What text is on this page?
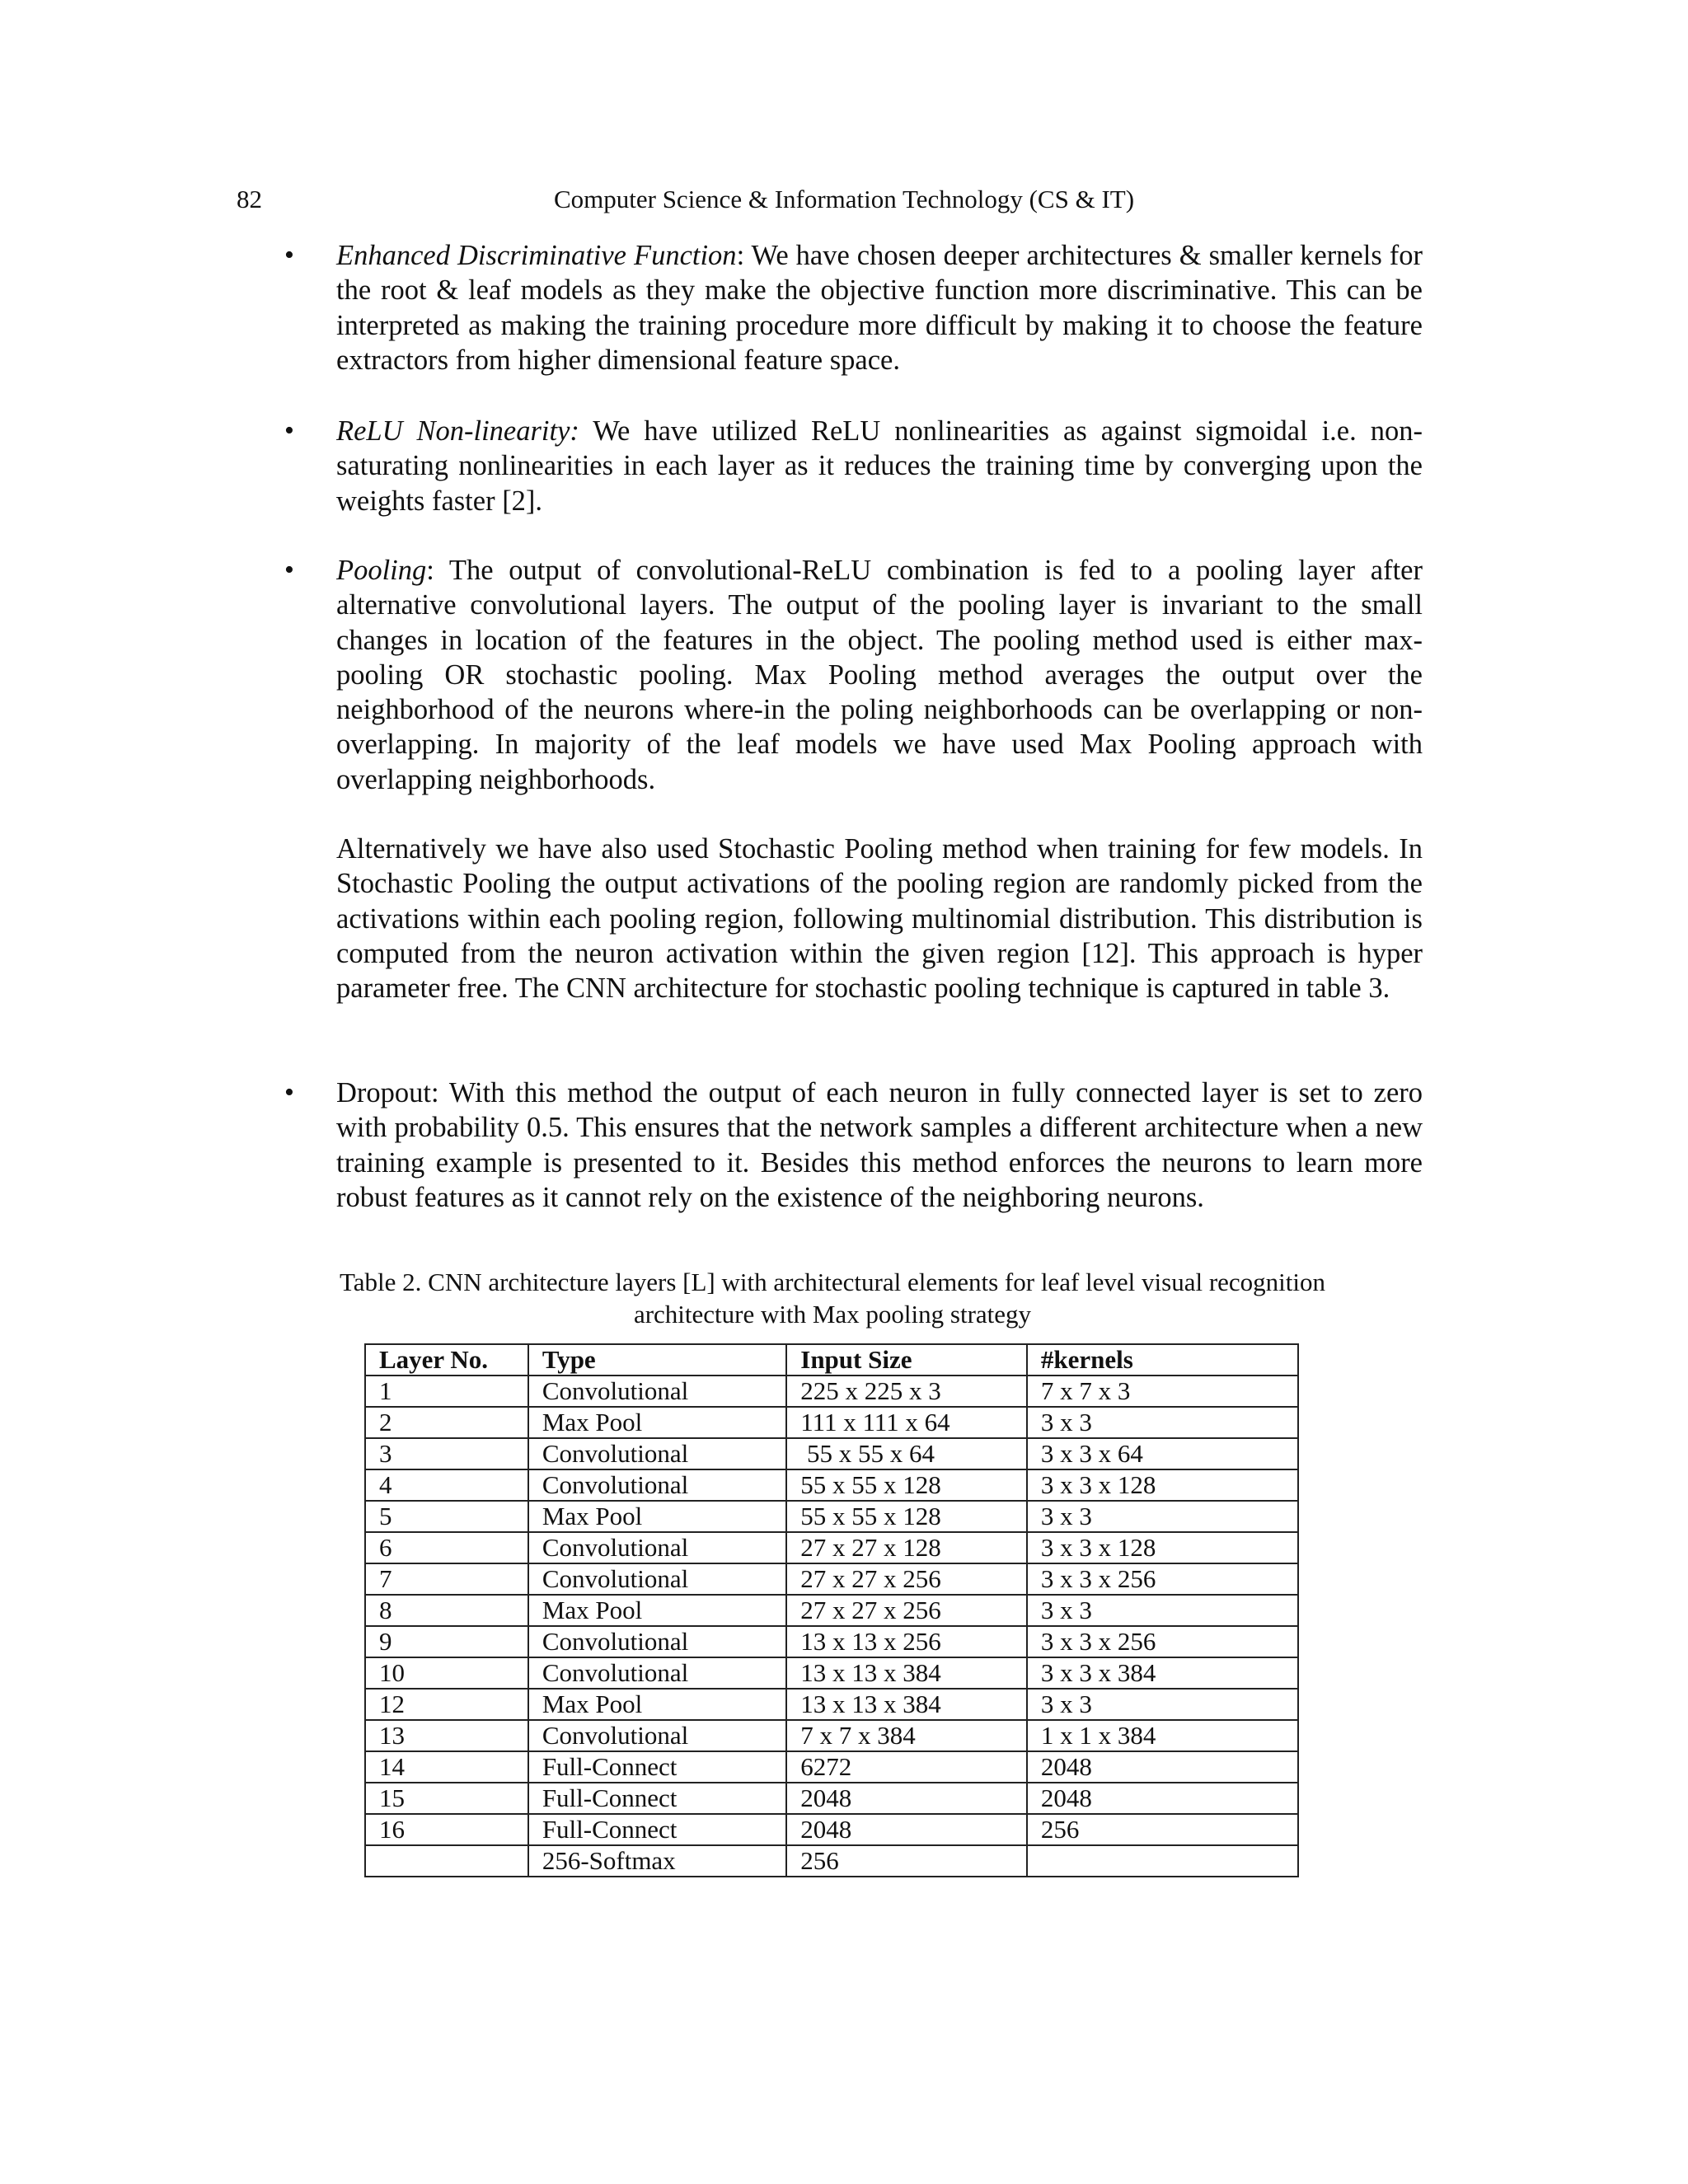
82	Computer Science & Information Technology (CS & IT)
• Enhanced Discriminative Function: We have chosen deeper architectures & smaller kernels for the root & leaf models as they make the objective function more discriminative. This can be interpreted as making the training procedure more difficult by making it to choose the feature extractors from higher dimensional feature space.
• ReLU Non-linearity: We have utilized ReLU nonlinearities as against sigmoidal i.e. non-saturating nonlinearities in each layer as it reduces the training time by converging upon the weights faster [2].
• Pooling: The output of convolutional-ReLU combination is fed to a pooling layer after alternative convolutional layers. The output of the pooling layer is invariant to the small changes in location of the features in the object. The pooling method used is either max-pooling OR stochastic pooling. Max Pooling method averages the output over the neighborhood of the neurons where-in the poling neighborhoods can be overlapping or non-overlapping. In majority of the leaf models we have used Max Pooling approach with overlapping neighborhoods.
Alternatively we have also used Stochastic Pooling method when training for few models. In Stochastic Pooling the output activations of the pooling region are randomly picked from the activations within each pooling region, following multinomial distribution. This distribution is computed from the neuron activation within the given region [12]. This approach is hyper parameter free. The CNN architecture for stochastic pooling technique is captured in table 3.
• Dropout: With this method the output of each neuron in fully connected layer is set to zero with probability 0.5. This ensures that the network samples a different architecture when a new training example is presented to it. Besides this method enforces the neurons to learn more robust features as it cannot rely on the existence of the neighboring neurons.
Table 2. CNN architecture layers [L] with architectural elements for leaf level visual recognition
architecture with Max pooling strategy
Layer No.	Type	Input Size	#kernels
1	Convolutional	225 x 225 x 3	7 x 7 x 3
2	Max Pool	111 x 111 x 64	3 x 3
3	Convolutional	55 x 55 x 64	3 x 3 x 64
4	Convolutional	55 x 55 x 128	3 x 3 x 128
5	Max Pool	55 x 55 x 128	3 x 3
6	Convolutional	27 x 27 x 128	3 x 3 x 128
7	Convolutional	27 x 27 x 256	3 x 3 x 256
8	Max Pool	27 x 27 x 256	3 x 3
9	Convolutional	13 x 13 x 256	3 x 3 x 256
10	Convolutional	13 x 13 x 384	3 x 3 x 384
12	Max Pool	13 x 13 x 384	3 x 3
13	Convolutional	7 x 7 x 384	1 x 1 x 384
14	Full-Connect	6272	2048
15	Full-Connect	2048	2048
16	Full-Connect	2048	256
	256-Softmax	256	
